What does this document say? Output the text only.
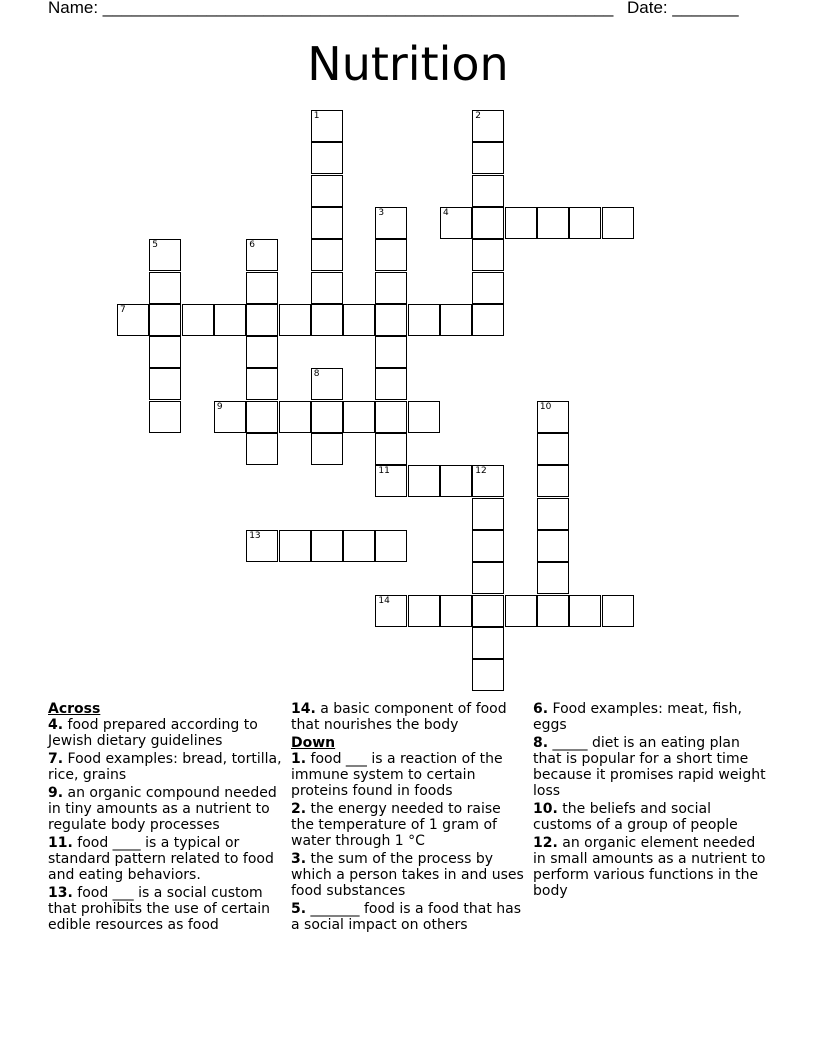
Name: ______________________________________________________ Date: _______
Nutrition
1	2
3
11
4
5	6
7
8
9	10
12
13
14
Across
4. food prepared according to Jewish dietary guidelines
7. Food examples: bread, tortilla, rice, grains
9. an organic compound needed in tiny amounts as a nutrient to regulate body processes
11. food ____ is a typical or standard pattern related to food and eating behaviors.
13. food ___ is a social custom that prohibits the use of certain edible resources as food
14. a basic component of food that nourishes the body
Down
1. food ___ is a reaction of the immune system to certain proteins found in foods
2. the energy needed to raise the temperature of 1 gram of water through 1 °C
3. the sum of the process by which a person takes in and uses food substances
5. _______ food is a food that has a social impact on others
6. Food examples: meat, fish, eggs
8. _____ diet is an eating plan that is popular for a short time because it promises rapid weight loss
10. the beliefs and social customs of a group of people
12. an organic element needed in small amounts as a nutrient to perform various functions in the body
